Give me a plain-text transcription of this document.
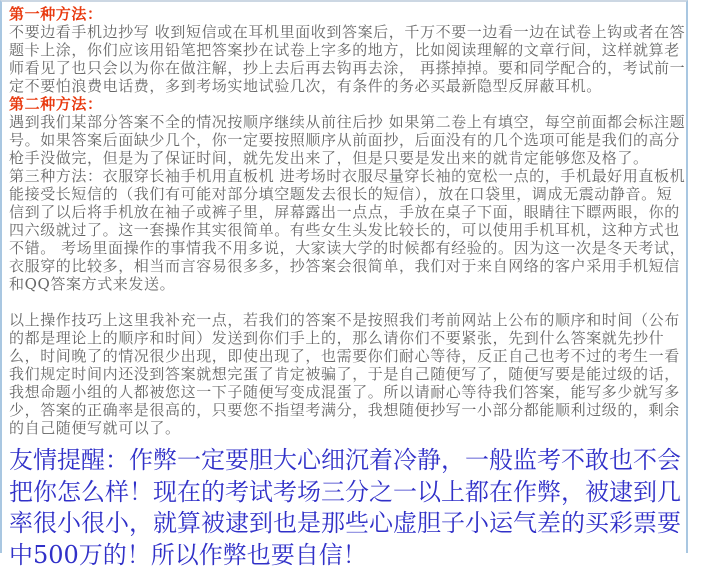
第一种方法：

不要边看手机边抄写 收到短信或在耳机里面收到答案后，千万不要一边看一边在试卷上钩或者在答题卡上涂，你们应该用铅笔把答案抄在试卷上字多的地方，比如阅读理解的文章行间，这样就算老师看见了也只会以为你在做注解，抄上去后再去钩再去涂， 再搽掉掉。要和同学配合的，考试前一定不要怕浪费电话费，多到考场实地试验几次，有条件的务必买最新隐型反屏蔽耳机。

第二种方法：

遇到我们某部分答案不全的情况按顺序继续从前往后抄 如果第二卷上有填空，每空前面都会标注题号。如果答案后面缺少几个，你一定要按照顺序从前面抄，后面没有的几个选项可能是我们的高分枪手没做完，但是为了保证时间，就先发出来了，但是只要是发出来的就肯定能够您及格了。

第三种方法：衣服穿长袖手机用直板机 进考场时衣服尽量穿长袖的宽松一点的，手机最好用直板机能接受长短信的（我们有可能对部分填空题发去很长的短信），放在口袋里，调成无震动静音。短信到了以后将手机放在袖子或裤子里，屏幕露出一点点，手放在桌子下面，眼睛往下瞟两眼，你的四六级就过了。这一套操作其实很简单。有些女生头发比较长的，可以使用手机耳机，这种方式也不错。 考场里面操作的事情我不用多说，大家读大学的时候都有经验的。因为这一次是冬天考试， 衣服穿的比较多，相当而言容易很多多，抄答案会很简单，我们对于来自网络的客户采用手机短信和QQ答案方式来发送。

以上操作技巧上这里我补充一点，若我们的答案不是按照我们考前网站上公布的顺序和时间（公布的都是理论上的顺序和时间）发送到你们手上的，那么请你们不要紧张，先到什么答案就先抄什么，时间晚了的情况很少出现，即使出现了，也需要你们耐心等待，反正自己也考不过的考生一看我们规定时间内还没到答案就想完蛋了肯定被骗了，于是自己随便写了，随便写要是能过级的话，我想命题小组的人都被您这一下子随便写变成混蛋了。所以请耐心等待我们答案，能写多少就写多少，答案的正确率是很高的，只要您不指望考满分，我想随便抄写一小部分都能顺利过级的，剩余的自己随便写就可以了。

友情提醒：作弊一定要胆大心细沉着冷静，一般监考不敢也不会把你怎么样！现在的考试考场三分之一以上都在作弊，被逮到几率很小很小，就算被逮到也是那些心虚胆子小运气差的买彩票要中500万的！所以作弊也要自信！
